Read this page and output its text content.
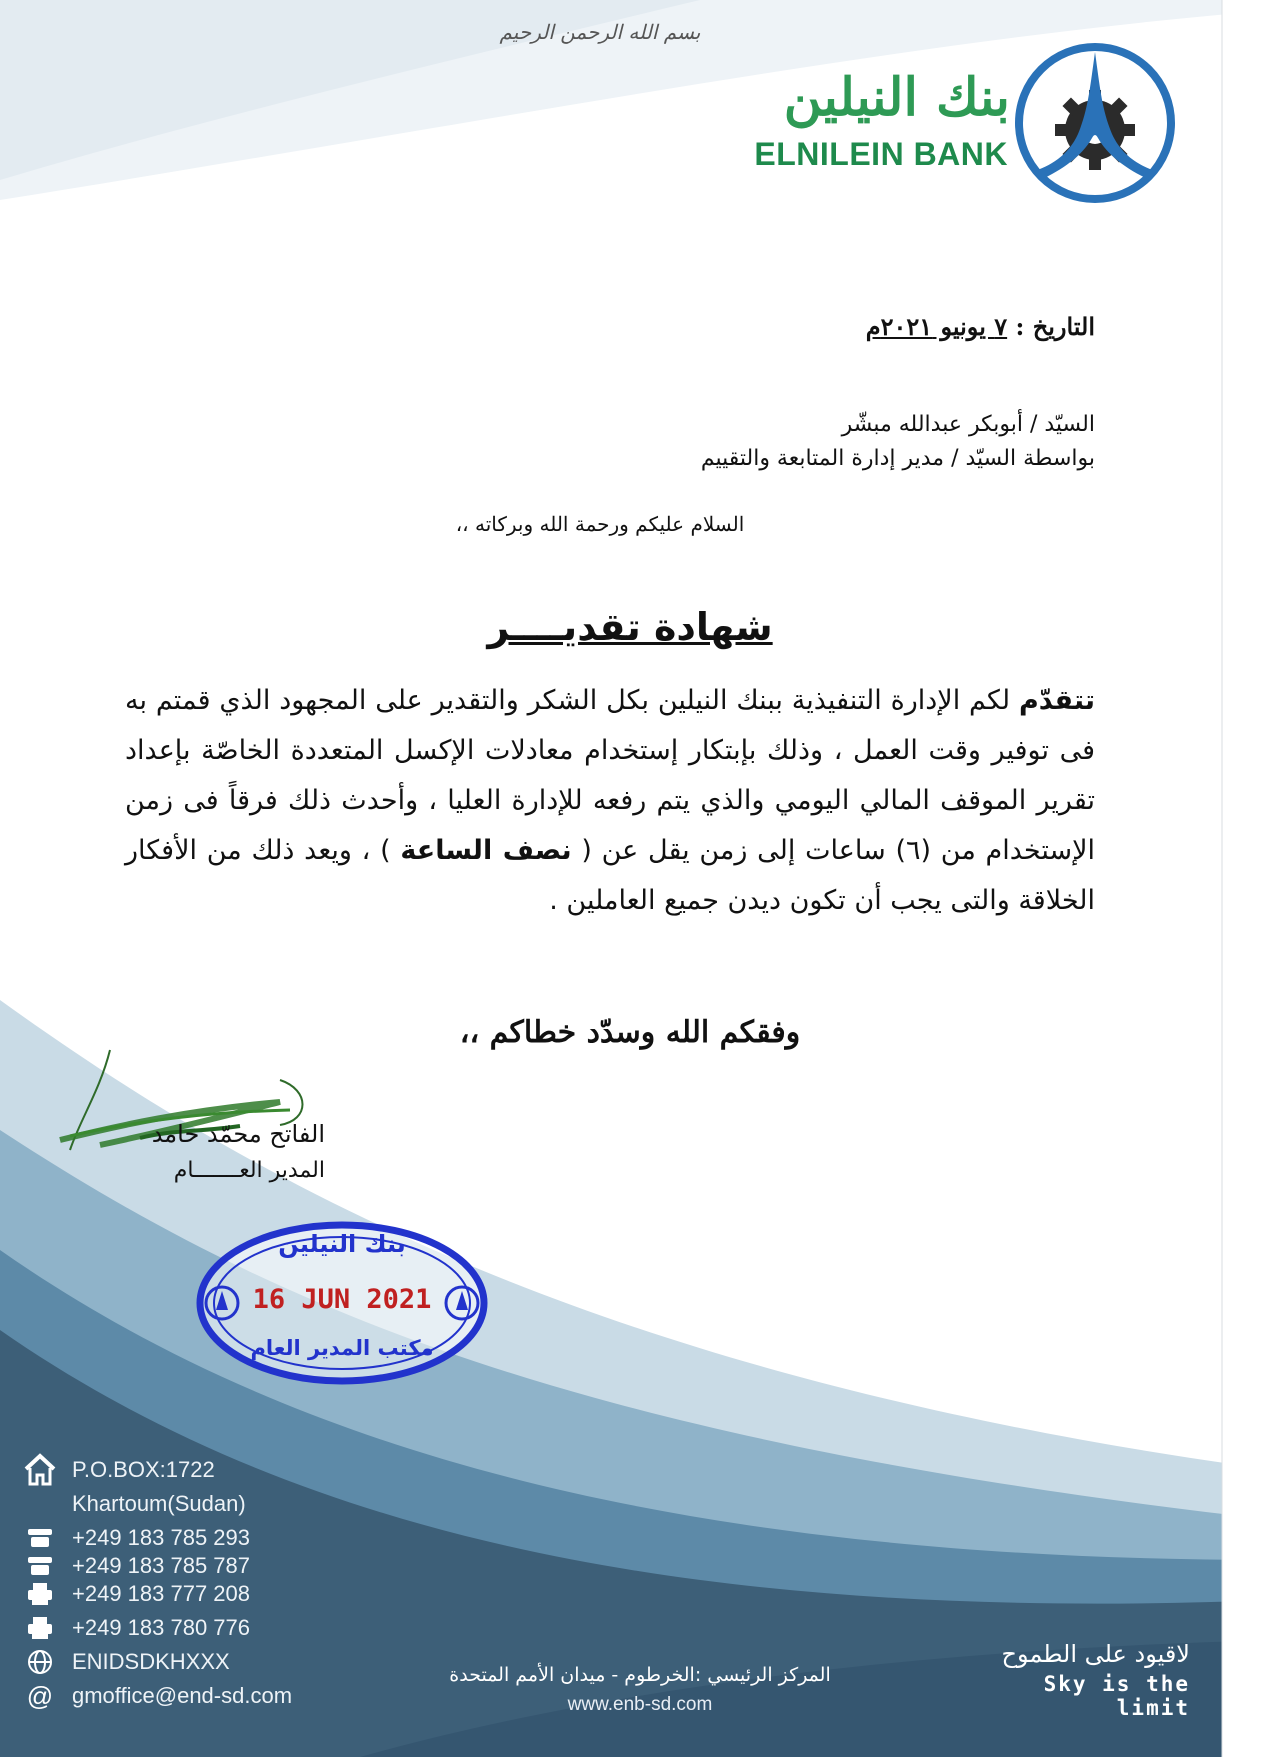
بسم الله الرحمن الرحيم
بنك النيلين
ELNILEIN BANK
التاريخ : ٧ يونيو ٢٠٢١م
السيّد / أبوبكر عبدالله مبشّر
بواسطة السيّد / مدير إدارة المتابعة والتقييم
السلام عليكم ورحمة الله وبركاته ،،
شهادة تقديــــر
تتقدّم لكم الإدارة التنفيذية ببنك النيلين بكل الشكر والتقدير على المجهود الذي قمتم به فى توفير وقت العمل ، وذلك بإبتكار إستخدام معادلات الإكسل المتعددة الخاصّة بإعداد تقرير الموقف المالي اليومي والذي يتم رفعه للإدارة العليا ، وأحدث ذلك فرقاً فى زمن الإستخدام من (٦) ساعات إلى زمن يقل عن ( نصف الساعة ) ، ويعد ذلك من الأفكار الخلاقة والتى يجب أن تكون ديدن جميع العاملين .
وفقكم الله وسدّد خطاكم ،،
الفاتح محمّد حامد
المدير العـــــــام
بنك النيلين
16 JUN 2021
مكتب المدير العام
P.O.BOX:1722
Khartoum(Sudan)
+249 183 785 293
+249 183 785 787
+249 183 777 208
+249 183 780 776
ENIDSDKHXXX
@ gmoffice@end-sd.com
المركز الرئيسي :الخرطوم - ميدان الأمم المتحدة
www.enb-sd.com
لاقيود على الطموح
Sky is the limit
